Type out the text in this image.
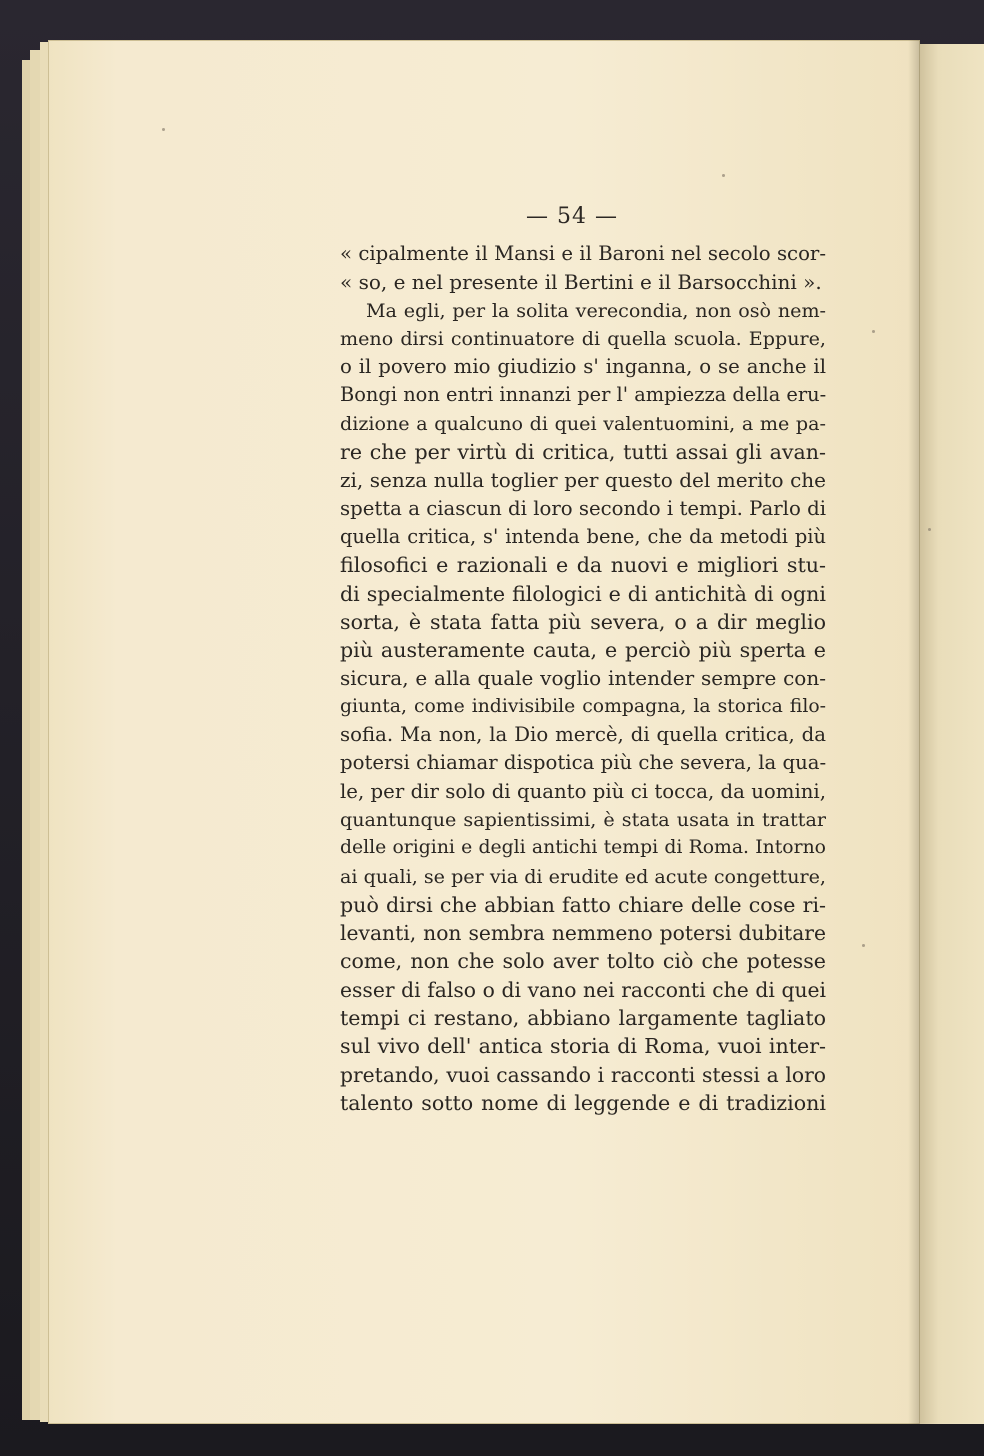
— 54 —
« cipalmente il Mansi e il Baroni nel secolo scor-
« so, e nel presente il Bertini e il Barsocchini ».
Ma egli, per la solita verecondia, non osò nem-
meno dirsi continuatore di quella scuola. Eppure,
o il povero mio giudizio s' inganna, o se anche il
Bongi non entri innanzi per l' ampiezza della eru-
dizione a qualcuno di quei valentuomini, a me pa-
re che per virtù di critica, tutti assai gli avan-
zi, senza nulla toglier per questo del merito che
spetta a ciascun di loro secondo i tempi. Parlo di
quella critica, s' intenda bene, che da metodi più
filosofici e razionali e da nuovi e migliori stu-
di specialmente filologici e di antichità di ogni
sorta, è stata fatta più severa, o a dir meglio
più austeramente cauta, e perciò più sperta e
sicura, e alla quale voglio intender sempre con-
giunta, come indivisibile compagna, la storica filo-
sofia. Ma non, la Dio mercè, di quella critica, da
potersi chiamar dispotica più che severa, la qua-
le, per dir solo di quanto più ci tocca, da uomini,
quantunque sapientissimi, è stata usata in trattar
delle origini e degli antichi tempi di Roma. Intorno
ai quali, se per via di erudite ed acute congetture,
può dirsi che abbian fatto chiare delle cose ri-
levanti, non sembra nemmeno potersi dubitare
come, non che solo aver tolto ciò che potesse
esser di falso o di vano nei racconti che di quei
tempi ci restano, abbiano largamente tagliato
sul vivo dell' antica storia di Roma, vuoi inter-
pretando, vuoi cassando i racconti stessi a loro
talento sotto nome di leggende e di tradizioni
